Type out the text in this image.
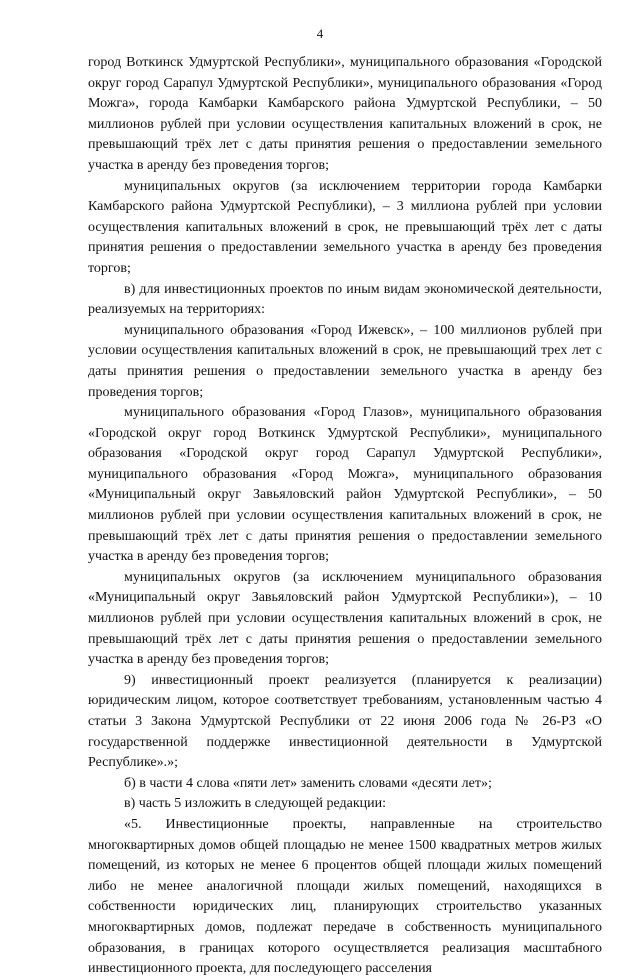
4

город Воткинск Удмуртской Республики», муниципального образования «Городской округ город Сарапул Удмуртской Республики», муниципального образования «Город Можга», города Камбарки Камбарского района Удмуртской Республики, – 50 миллионов рублей при условии осуществления капитальных вложений в срок, не превышающий трёх лет с даты принятия решения о предоставлении земельного участка в аренду без проведения торгов;

муниципальных округов (за исключением территории города Камбарки Камбарского района Удмуртской Республики), – 3 миллиона рублей при условии осуществления капитальных вложений в срок, не превышающий трёх лет с даты принятия решения о предоставлении земельного участка в аренду без проведения торгов;

в) для инвестиционных проектов по иным видам экономической деятельности, реализуемых на территориях:

муниципального образования «Город Ижевск», – 100 миллионов рублей при условии осуществления капитальных вложений в срок, не превышающий трех лет с даты принятия решения о предоставлении земельного участка в аренду без проведения торгов;

муниципального образования «Город Глазов», муниципального образования «Городской округ город Воткинск Удмуртской Республики», муниципального образования «Городской округ город Сарапул Удмуртской Республики», муниципального образования «Город Можга», муниципального образования «Муниципальный округ Завьяловский район Удмуртской Республики», – 50 миллионов рублей при условии осуществления капитальных вложений в срок, не превышающий трёх лет с даты принятия решения о предоставлении земельного участка в аренду без проведения торгов;

муниципальных округов (за исключением муниципального образования «Муниципальный округ Завьяловский район Удмуртской Республики»), – 10 миллионов рублей при условии осуществления капитальных вложений в срок, не превышающий трёх лет с даты принятия решения о предоставлении земельного участка в аренду без проведения торгов;

9) инвестиционный проект реализуется (планируется к реализации) юридическим лицом, которое соответствует требованиям, установленным частью 4 статьи 3 Закона Удмуртской Республики от 22 июня 2006 года № 26-РЗ «О государственной поддержке инвестиционной деятельности в Удмуртской Республике».»;

б) в части 4 слова «пяти лет» заменить словами «десяти лет»;

в) часть 5 изложить в следующей редакции:

«5. Инвестиционные проекты, направленные на строительство многоквартирных домов общей площадью не менее 1500 квадратных метров жилых помещений, из которых не менее 6 процентов общей площади жилых помещений либо не менее аналогичной площади жилых помещений, находящихся в собственности юридических лиц, планирующих строительство указанных многоквартирных домов, подлежат передаче в собственность муниципального образования, в границах которого осуществляется реализация масштабного инвестиционного проекта, для последующего расселения
